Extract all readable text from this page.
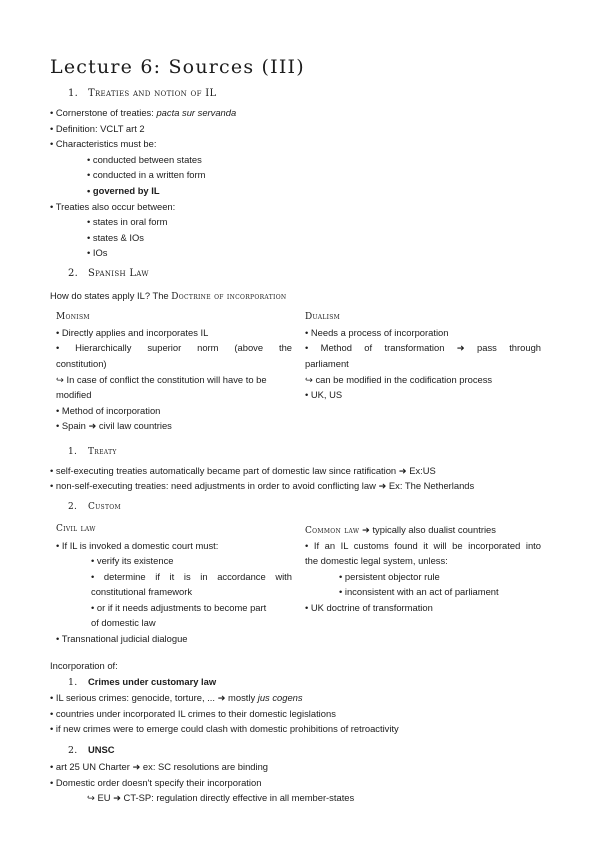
Lecture 6: Sources (III)
1. Treaties and notion of IL
• Cornerstone of treaties: pacta sur servanda
• Definition: VCLT art 2
• Characteristics must be:
• conducted between states
• conducted in a written form
• governed by IL
• Treaties also occur between:
• states in oral form
• states & IOs
• IOs
2. Spanish Law
How do states apply IL? The Doctrine of incorporation
Monism
• Directly applies and incorporates IL
• Hierarchically superior norm (above the
constitution)
↪ In case of conflict the constitution will have to be
modified
• Method of incorporation
• Spain ➜ civil law countries
Dualism
• Needs a process of incorporation
• Method of transformation ➜ pass through
parliament
↪ can be modified in the codification process
• UK, US
1. Treaty
• self-executing treaties automatically became part of domestic law since ratification ➜ Ex:US
• non-self-executing treaties: need adjustments in order to avoid conflicting law ➜ Ex: The Netherlands
2. Custom
Civil law
• If IL is invoked a domestic court must:
• verify its existence
• determine if it is in accordance with
constitutional framework
• or if it needs adjustments to become part
of domestic law
• Transnational judicial dialogue
Common law ➜ typically also dualist countries
• If an IL customs found it will be incorporated into
the domestic legal system, unless:
• persistent objector rule
• inconsistent with an act of parliament
• UK doctrine of transformation
Incorporation of:
1. Crimes under customary law
• IL serious crimes: genocide, torture, ... ➜ mostly jus cogens
• countries under incorporated IL crimes to their domestic legislations
• if new crimes were to emerge could clash with domestic prohibitions of retroactivity
2. UNSC
• art 25 UN Charter ➜ ex: SC resolutions are binding
• Domestic order doesn't specify their incorporation
↪ EU ➜ CT-SP: regulation directly effective in all member-states
